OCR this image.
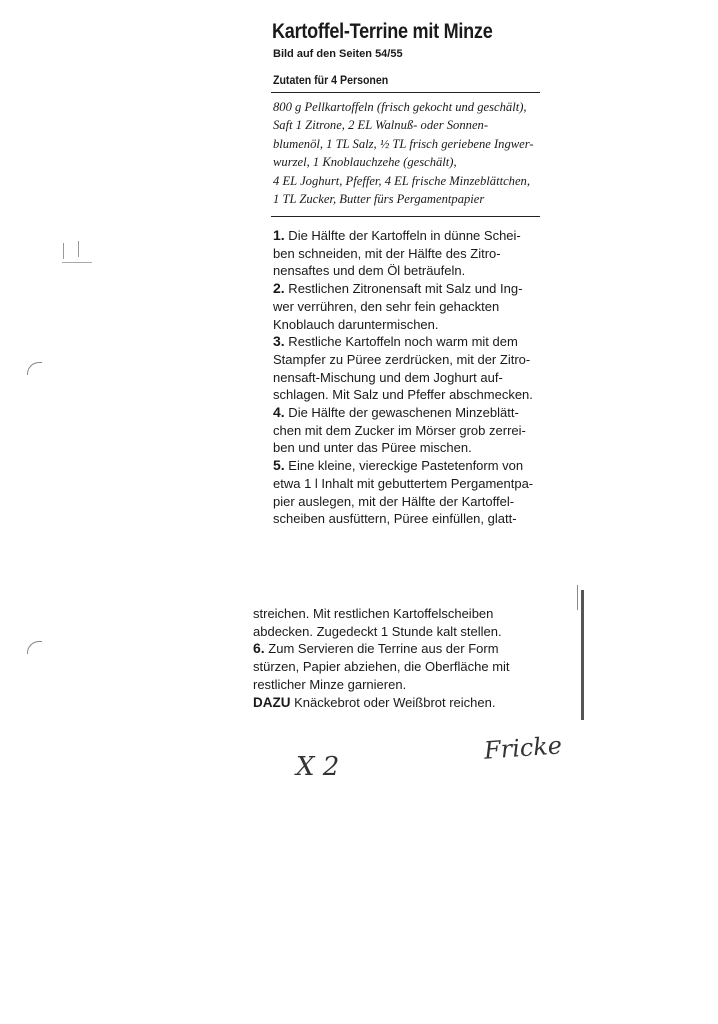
Kartoffel-Terrine mit Minze
Bild auf den Seiten 54/55
Zutaten für 4 Personen
800 g Pellkartoffeln (frisch gekocht und geschält),
Saft 1 Zitrone, 2 EL Walnuß- oder Sonnen-
blumenöl, 1 TL Salz, ½ TL frisch geriebene Ingwer-
wurzel, 1 Knoblauchzehe (geschält),
4 EL Joghurt, Pfeffer, 4 EL frische Minzeblättchen,
1 TL Zucker, Butter fürs Pergamentpapier
1. Die Hälfte der Kartoffeln in dünne Schei-
ben schneiden, mit der Hälfte des Zitro-
nensaftes und dem Öl beträufeln.
2. Restlichen Zitronensaft mit Salz und Ing-
wer verrühren, den sehr fein gehackten
Knoblauch daruntermischen.
3. Restliche Kartoffeln noch warm mit dem
Stampfer zu Püree zerdrücken, mit der Zitro-
nensaft-Mischung und dem Joghurt auf-
schlagen. Mit Salz und Pfeffer abschmecken.
4. Die Hälfte der gewaschenen Minzeblätt-
chen mit dem Zucker im Mörser grob zerrei-
ben und unter das Püree mischen.
5. Eine kleine, viereckige Pastetenform von
etwa 1 l Inhalt mit gebuttertem Pergamentpa-
pier auslegen, mit der Hälfte der Kartoffel-
scheiben ausfüttern, Püree einfüllen, glatt-
streichen. Mit restlichen Kartoffelscheiben
abdecken. Zugedeckt 1 Stunde kalt stellen.
6. Zum Servieren die Terrine aus der Form
stürzen, Papier abziehen, die Oberfläche mit
restlicher Minze garnieren.
DAZU Knäckebrot oder Weißbrot reichen.
X 2
Fricke
